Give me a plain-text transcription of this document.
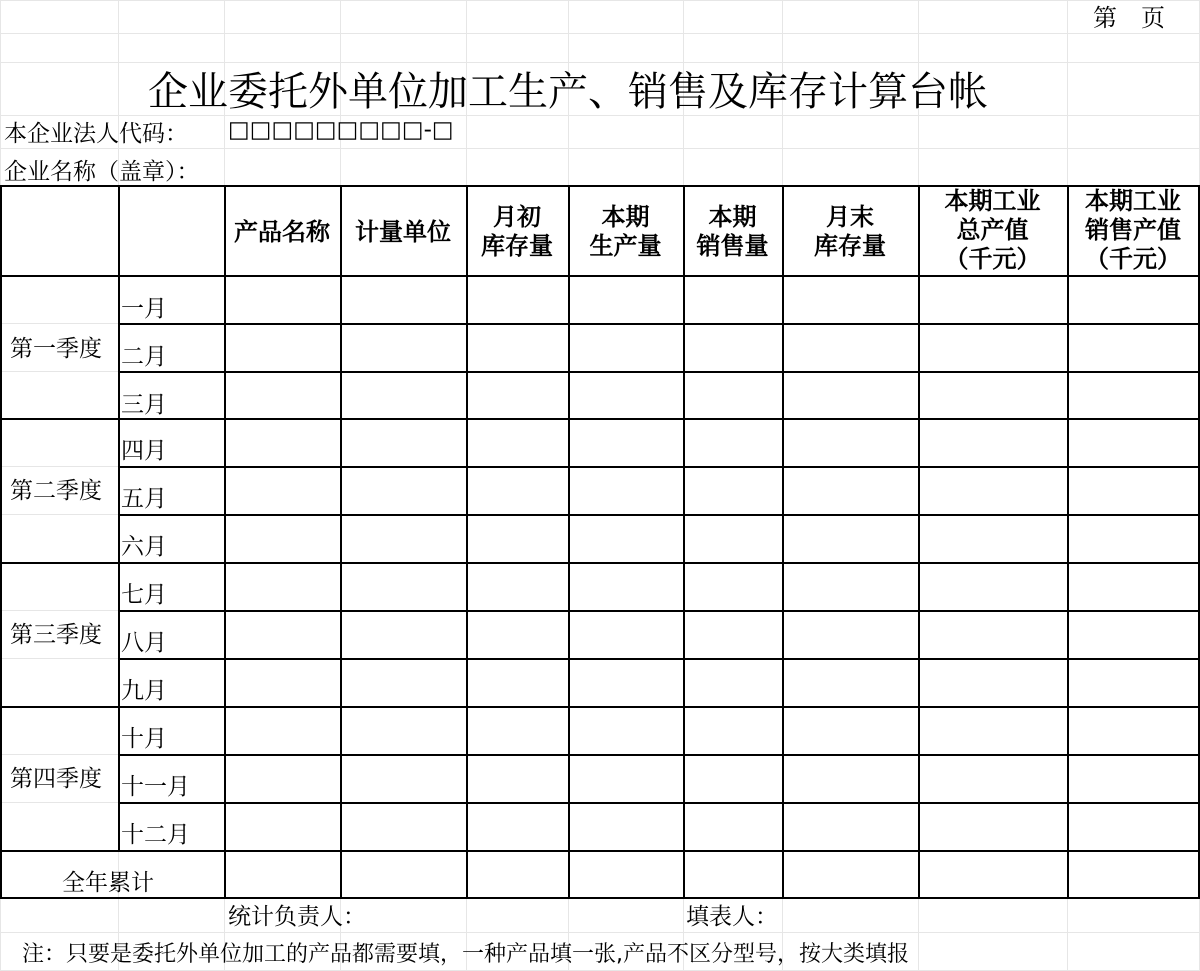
第　页
企业委托外单位加工生产、销售及库存计算台帐
本企业法人代码： □□□□□□□□□-□
企业名称（盖章）：
产品名称	计量单位
月初
库存量
本期
生产量
本期
销售量
月末
库存量
本期工业
总产值
（千元）
本期工业
销售产值
（千元）
第一季度
一月
二月
三月
第二季度
四月
五月
六月
第三季度
七月
八月
九月
第四季度
十月
十一月
十二月
全年累计
统计负责人：	填表人：
注：只要是委托外单位加工的产品都需要填，一种产品填一张,产品不区分型号，按大类填报
